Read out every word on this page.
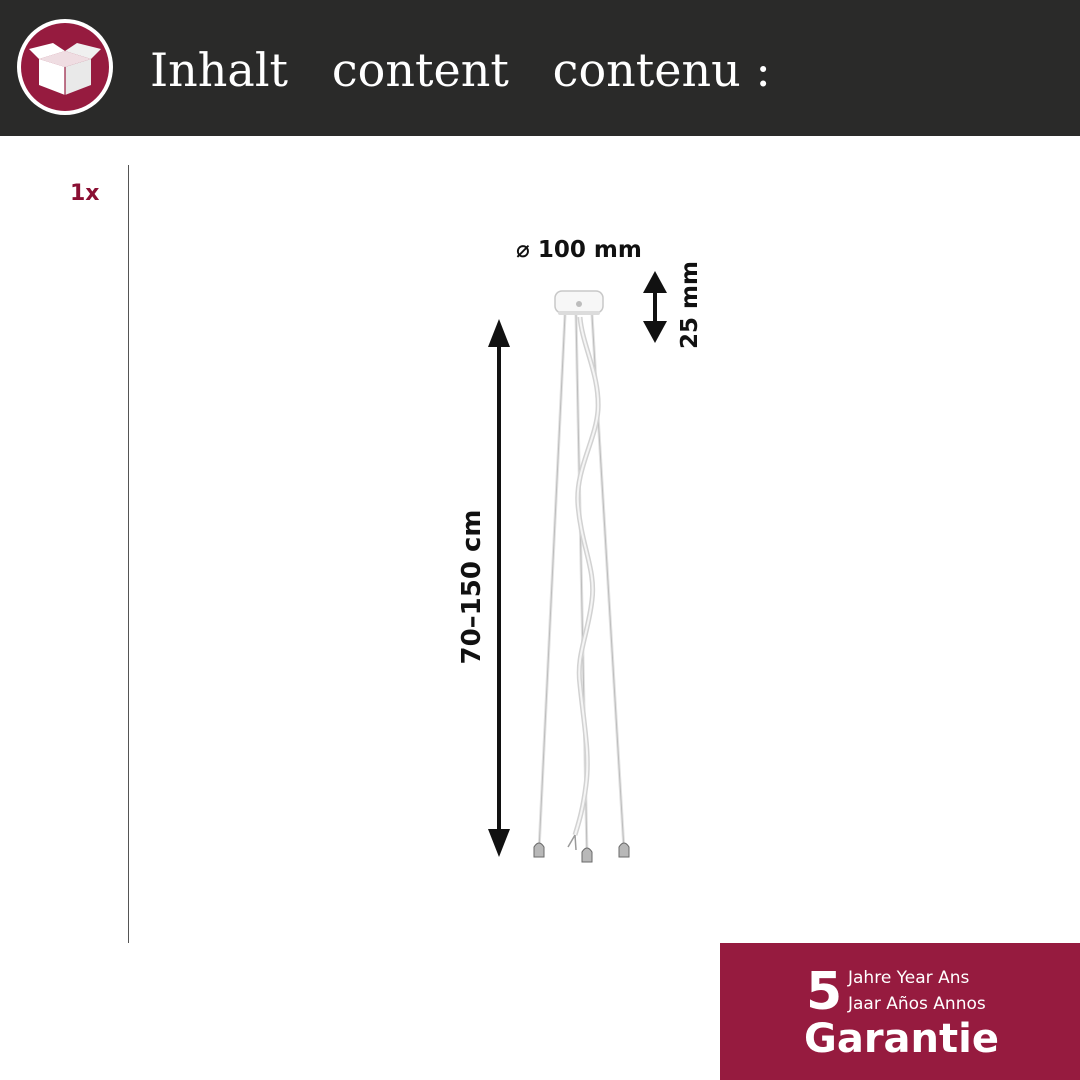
Inhalt   content   contenu :
1x
⌀ 100 mm
25 mm
70–150 cm
5 Jahre Year Ans
Jaar Años Annos
Garantie
